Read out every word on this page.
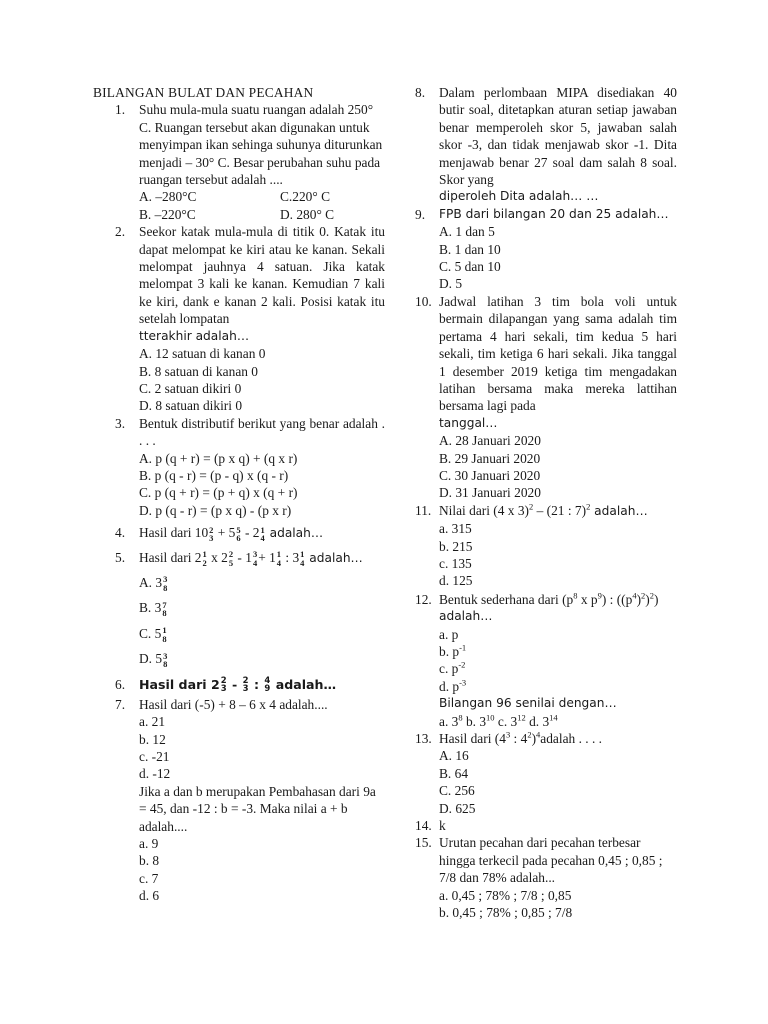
BILANGAN BULAT DAN PECAHAN
1. Suhu mula-mula suatu ruangan adalah 250° C. Ruangan tersebut akan digunakan untuk menyimpan ikan sehinga suhunya diturunkan menjadi – 30° C. Besar perubahan suhu pada ruangan tersebut adalah ....
A. –280°C	C.220° C
B. –220°C	D. 280° C
2. Seekor katak mula-mula di titik 0. Katak itu dapat melompat ke kiri atau ke kanan. Sekali melompat jauhnya 4 satuan. Jika katak melompat 3 kali ke kanan. Kemudian 7 kali ke kiri, dank e kanan 2 kali. Posisi katak itu setelah lompatan
tterakhir adalah…
A. 12 satuan di kanan 0
B. 8 satuan di kanan 0
C. 2 satuan dikiri 0
D. 8 satuan dikiri 0
3. Bentuk distributif berikut yang benar adalah . . . .
A. p (q + r) = (p x q) + (q x r)
B. p (q - r) = (p - q) x (q - r)
C. p (q + r) = (p + q) x (q + r)
D. p (q - r) = (p x q) - (p x r)
4. Hasil dari 10 2
3 + 5 5
6 - 2 1
4 adalah…
5. Hasil dari 2 1
2 x 2 2
5 - 1 3
4 + 1 1
4 : 3 1
4 adalah…
A. 3 3
8
B. 3 7
8
C. 5 1
8
D. 5 3
8
6. Hasil dari 2 2
3 - 2
3 : 4
9 adalah…
7. Hasil dari (-5) + 8 – 6 x 4 adalah....
a. 21
b. 12
c. -21
d. -12
Jika a dan b merupakan Pembahasan dari 9a = 45, dan -12 : b = -3. Maka nilai a + b adalah....
a. 9
b. 8
c. 7
d. 6
8. Dalam perlombaan MIPA disediakan 40 butir soal, ditetapkan aturan setiap jawaban benar memperoleh skor 5, jawaban salah skor -3, dan tidak menjawab skor -1. Dita menjawab benar 27 soal dam salah 8 soal. Skor yang
diperoleh Dita adalah… …
9. FPB dari bilangan 20 dan 25 adalah…
A. 1 dan 5
B. 1 dan 10
C. 5 dan 10
D. 5
10. Jadwal latihan 3 tim bola voli untuk bermain dilapangan yang sama adalah tim pertama 4 hari sekali, tim kedua 5 hari sekali, tim ketiga 6 hari sekali. Jika tanggal 1 desember 2019 ketiga tim mengadakan latihan bersama maka mereka lattihan bersama lagi pada
tanggal…
A. 28 Januari 2020
B. 29 Januari 2020
C. 30 Januari 2020
D. 31 Januari 2020
11. Nilai dari (4 x 3)$^2$ – (21 : 7)$^2$ adalah…
a. 315
b. 215
c. 135
d. 125
12. Bentuk sederhana dari ($p^8$ x $p^9$) : $((p^4)^2)^2$)
adalah…
a. p
b. $p^{-1}$
c. $p^{-2}$
d. $p^{-3}$
Bilangan 96 senilai dengan…
a. $3^8$ b. $3^{10}$ c. $3^{12}$ d. $3^{14}$
13. Hasil dari ($4^3$ : $4^2)^4adalah$ . . . .
A. 16
B. 64
C. 256
D. 625
14. k
15. Urutan pecahan dari pecahan terbesar hingga terkecil pada pecahan 0,45 ; 0,85 ; 7/8 dan 78% adalah...
a. 0,45 ; 78% ; 7/8 ; 0,85
b. 0,45 ; 78% ; 0,85 ; 7/8
